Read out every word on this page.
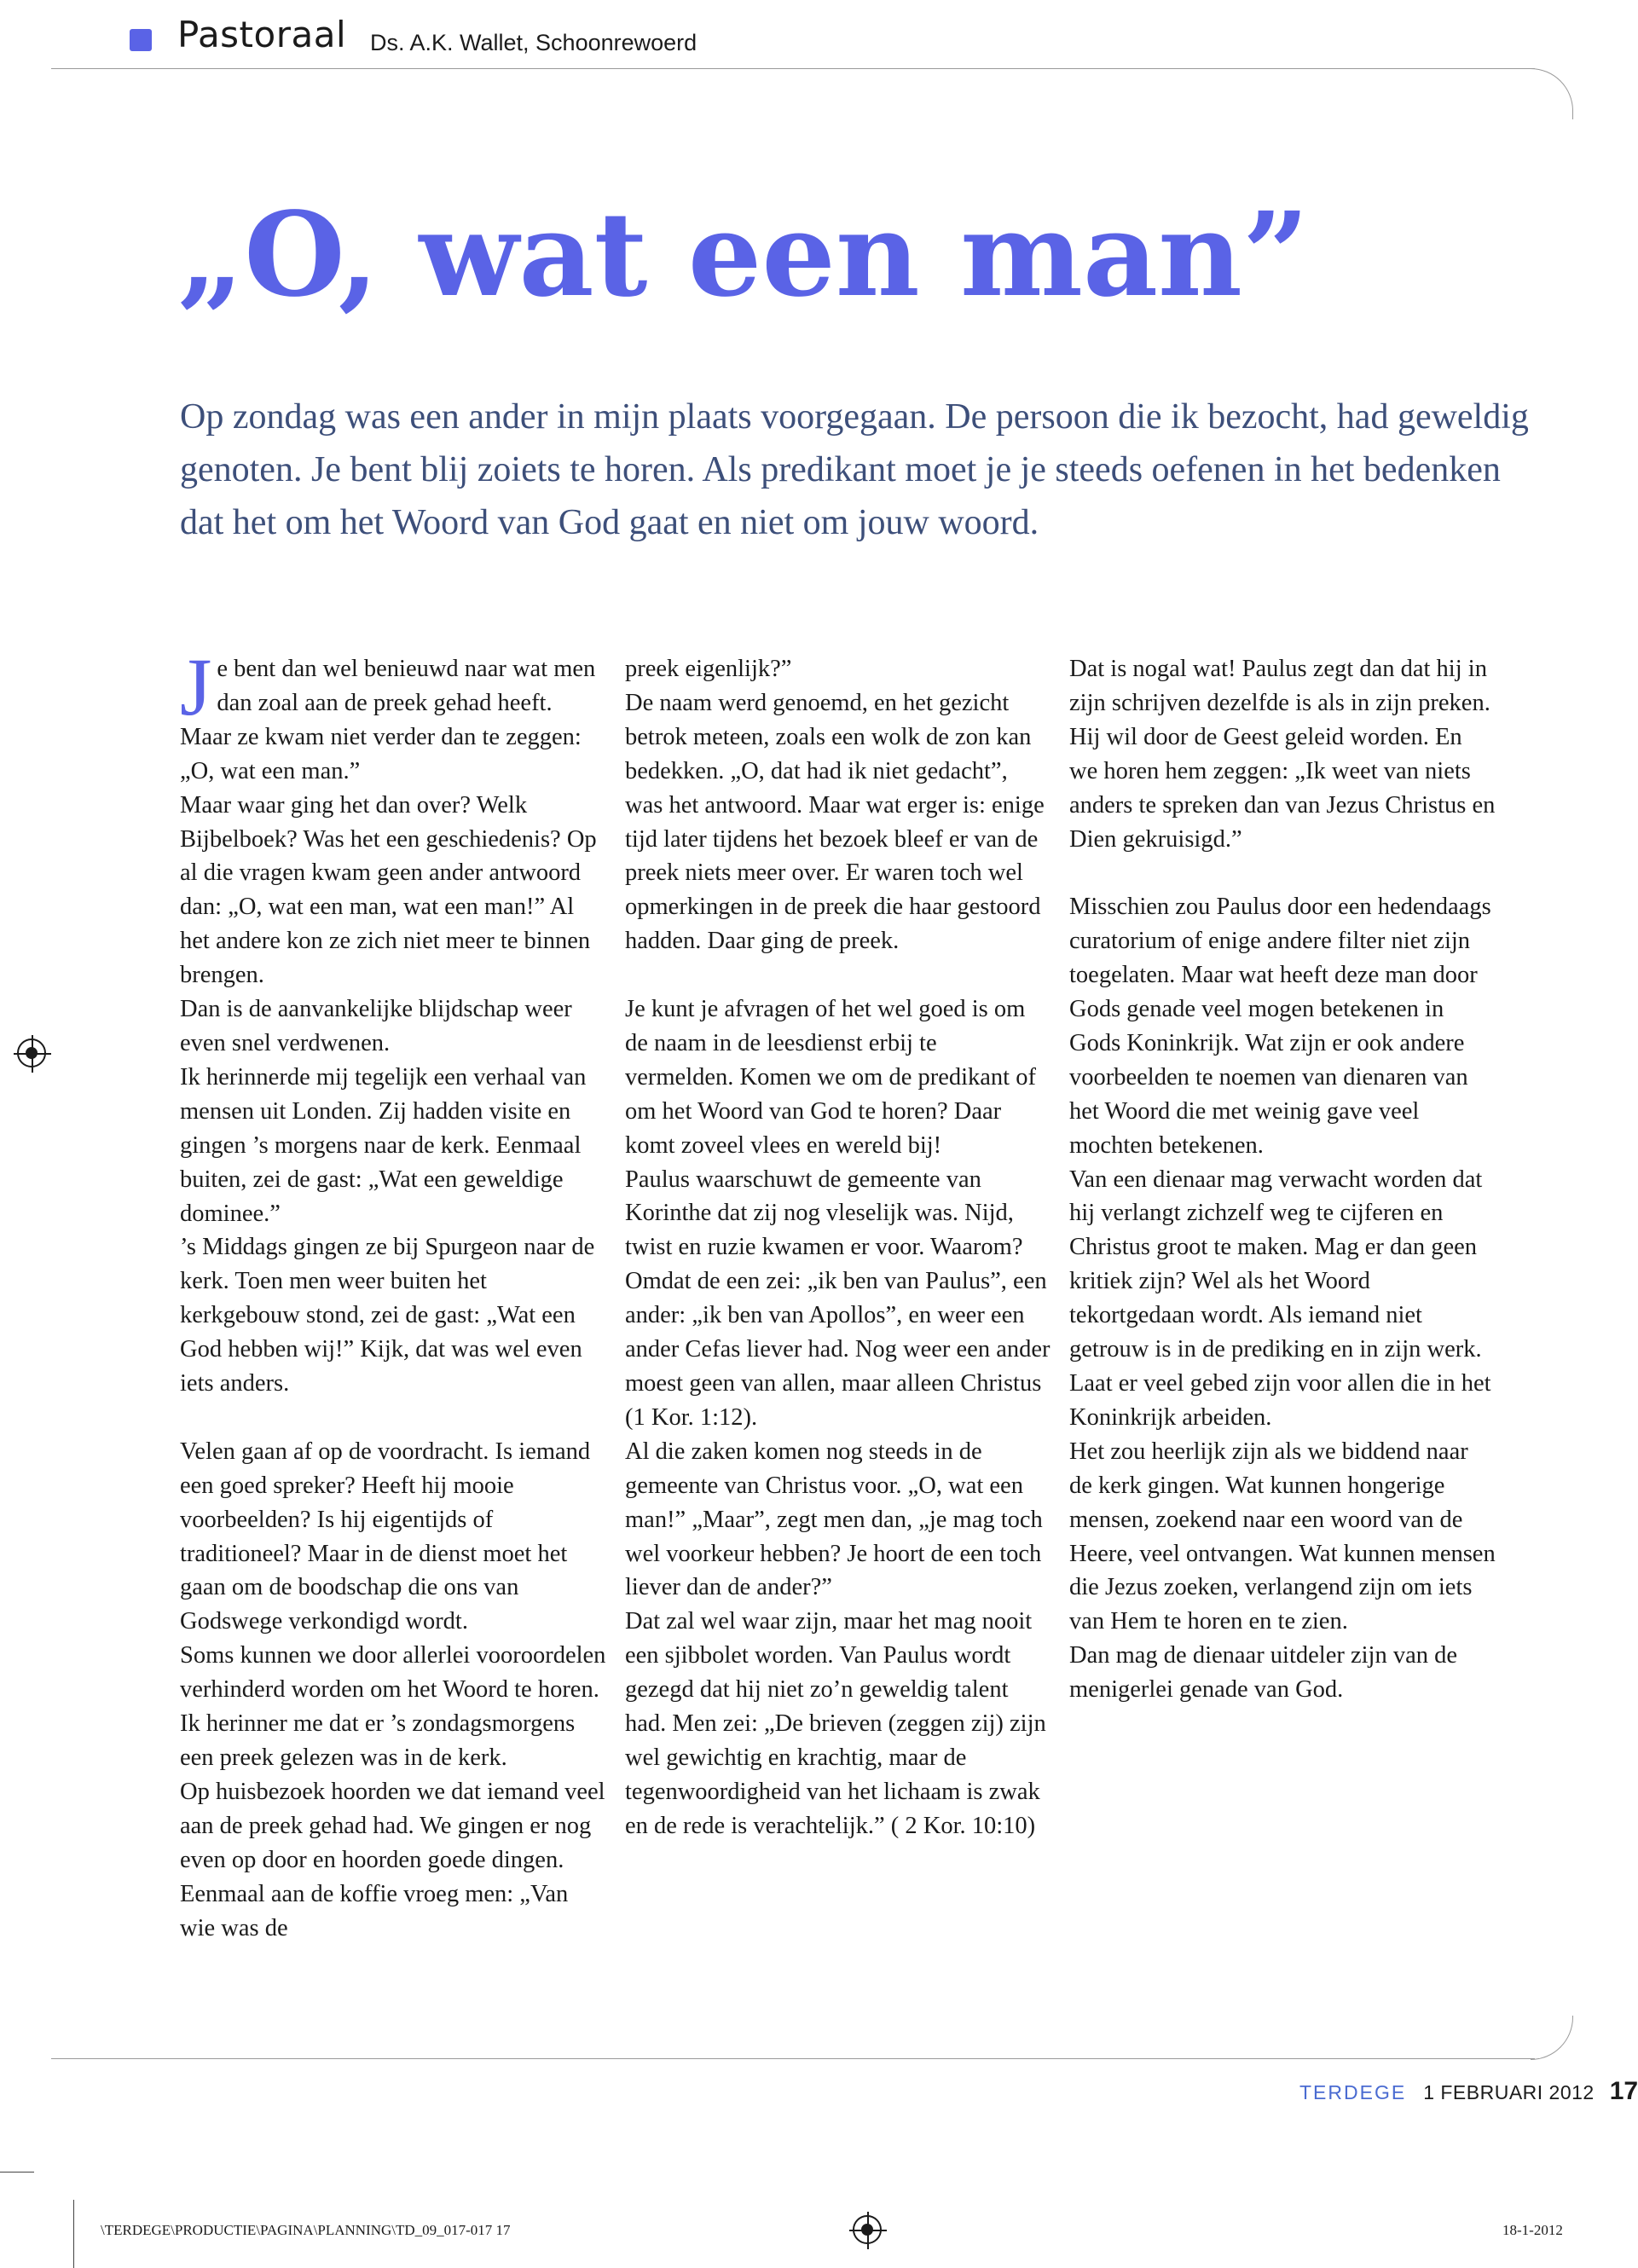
Pastoraal Ds. A.K. Wallet, Schoonrewoerd
„O, wat een man”

Op zondag was een ander in mijn plaats voorgegaan. De persoon die ik bezocht, had geweldig genoten. Je bent blij zoiets te horen. Als predikant moet je je steeds oefenen in het bedenken dat het om het Woord van God gaat en niet om jouw woord.

Je bent dan wel benieuwd naar wat men dan zoal aan de preek gehad heeft. Maar ze kwam niet verder dan te zeggen: „O, wat een man.”

Maar waar ging het dan over? Welk Bijbelboek? Was het een geschiedenis? Op al die vragen kwam geen ander antwoord dan: „O, wat een man, wat een man!” Al het andere kon ze zich niet meer te binnen brengen.

Dan is de aanvankelijke blijdschap weer even snel verdwenen.

Ik herinnerde mij tegelijk een verhaal van mensen uit Londen. Zij hadden visite en gingen ’s morgens naar de kerk. Eenmaal buiten, zei de gast: „Wat een geweldige dominee.”

’s Middags gingen ze bij Spurgeon naar de kerk. Toen men weer buiten het kerkgebouw stond, zei de gast: „Wat een God hebben wij!” Kijk, dat was wel even iets anders.

Velen gaan af op de voordracht. Is iemand een goed spreker? Heeft hij mooie voorbeelden? Is hij eigentijds of traditioneel? Maar in de dienst moet het gaan om de boodschap die ons van Godswege verkondigd wordt.

Soms kunnen we door allerlei vooroordelen verhinderd worden om het Woord te horen. Ik herinner me dat er ’s zondagsmorgens een preek gelezen was in de kerk.

Op huisbezoek hoorden we dat iemand veel aan de preek gehad had. We gingen er nog even op door en hoorden goede dingen. Eenmaal aan de koffie vroeg men: „Van wie was de

preek eigenlijk?”

De naam werd genoemd, en het gezicht betrok meteen, zoals een wolk de zon kan bedekken. „O, dat had ik niet gedacht”, was het antwoord. Maar wat erger is: enige tijd later tijdens het bezoek bleef er van de preek niets meer over. Er waren toch wel opmerkingen in de preek die haar gestoord hadden. Daar ging de preek.

Je kunt je afvragen of het wel goed is om de naam in de leesdienst erbij te vermelden. Komen we om de predikant of om het Woord van God te horen? Daar komt zoveel vlees en wereld bij!

Paulus waarschuwt de gemeente van Korinthe dat zij nog vleselijk was. Nijd, twist en ruzie kwamen er voor. Waarom? Omdat de een zei: „ik ben van Paulus”, een ander: „ik ben van Apollos”, en weer een ander Cefas liever had. Nog weer een ander moest geen van allen, maar alleen Christus (1 Kor. 1:12).

Al die zaken komen nog steeds in de gemeente van Christus voor. „O, wat een man!” „Maar”, zegt men dan, „je mag toch wel voorkeur hebben? Je hoort de een toch liever dan de ander?”

Dat zal wel waar zijn, maar het mag nooit een sjibbolet worden. Van Paulus wordt gezegd dat hij niet zo’n geweldig talent had. Men zei: „De brieven (zeggen zij) zijn wel gewichtig en krachtig, maar de tegenwoordigheid van het lichaam is zwak en de rede is verachtelijk.” ( 2 Kor. 10:10)

Dat is nogal wat! Paulus zegt dan dat hij in zijn schrijven dezelfde is als in zijn preken. Hij wil door de Geest geleid worden. En we horen hem zeggen: „Ik weet van niets anders te spreken dan van Jezus Christus en Dien gekruisigd.”

Misschien zou Paulus door een hedendaags curatorium of enige andere filter niet zijn toegelaten. Maar wat heeft deze man door Gods genade veel mogen betekenen in Gods Koninkrijk. Wat zijn er ook andere voorbeelden te noemen van dienaren van het Woord die met weinig gave veel mochten betekenen.

Van een dienaar mag verwacht worden dat hij verlangt zichzelf weg te cijferen en Christus groot te maken. Mag er dan geen kritiek zijn? Wel als het Woord tekortgedaan wordt. Als iemand niet getrouw is in de prediking en in zijn werk.

Laat er veel gebed zijn voor allen die in het Koninkrijk arbeiden.

Het zou heerlijk zijn als we biddend naar de kerk gingen. Wat kunnen hongerige mensen, zoekend naar een woord van de Heere, veel ontvangen. Wat kunnen mensen die Jezus zoeken, verlangend zijn om iets van Hem te horen en te zien.

Dan mag de dienaar uitdeler zijn van de menigerlei genade van God.

TERDEGE 1 FEBRUARI 2012 17
\TERDEGE\PRODUCTIE\PAGINA\PLANNING\TD_09_017-017 17	18-1-2012
